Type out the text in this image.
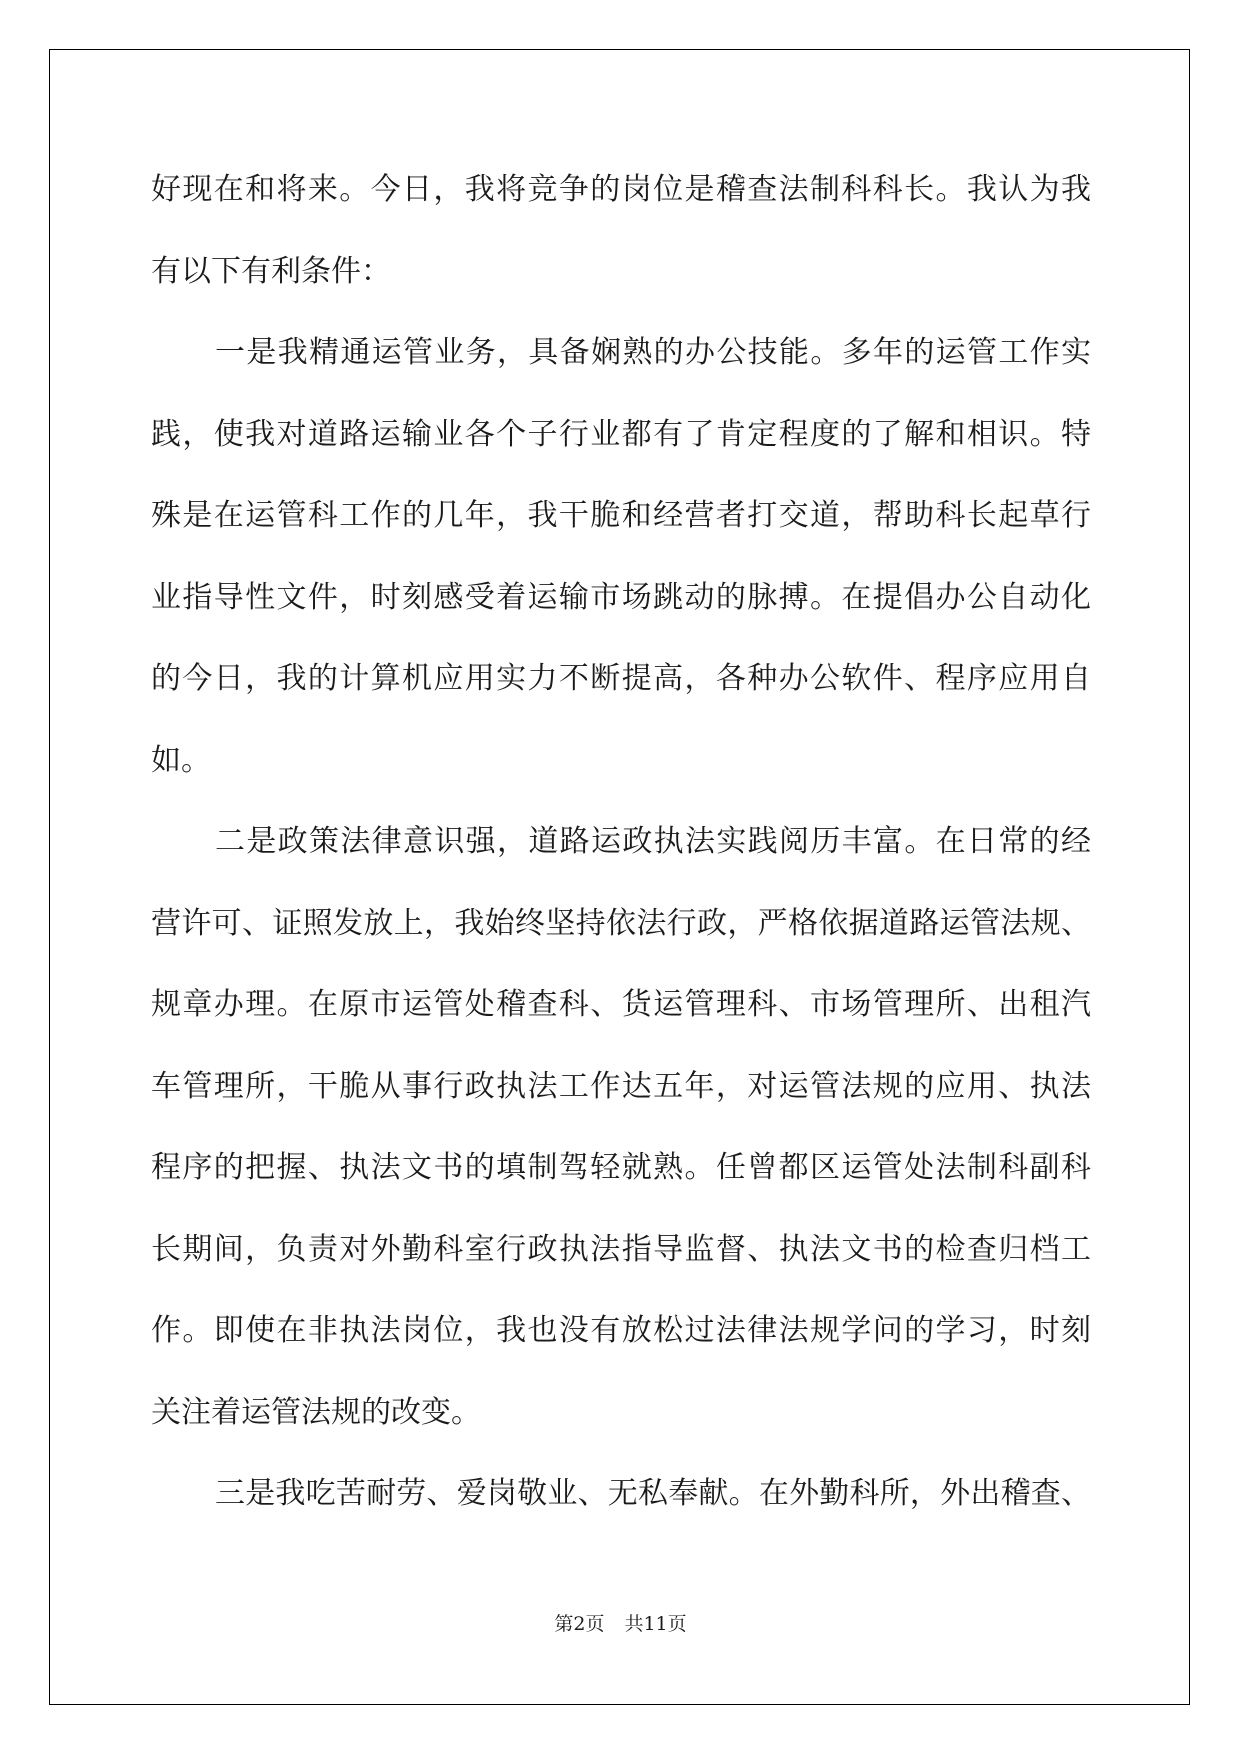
好现在和将来。今日，我将竞争的岗位是稽查法制科科长。我认为我
有以下有利条件：
一是我精通运管业务，具备娴熟的办公技能。多年的运管工作实
践，使我对道路运输业各个子行业都有了肯定程度的了解和相识。特
殊是在运管科工作的几年，我干脆和经营者打交道，帮助科长起草行
业指导性文件，时刻感受着运输市场跳动的脉搏。在提倡办公自动化
的今日，我的计算机应用实力不断提高，各种办公软件、程序应用自
如。
二是政策法律意识强，道路运政执法实践阅历丰富。在日常的经
营许可、证照发放上，我始终坚持依法行政，严格依据道路运管法规、
规章办理。在原市运管处稽查科、货运管理科、市场管理所、出租汽
车管理所，干脆从事行政执法工作达五年，对运管法规的应用、执法
程序的把握、执法文书的填制驾轻就熟。任曾都区运管处法制科副科
长期间，负责对外勤科室行政执法指导监督、执法文书的检查归档工
作。即使在非执法岗位，我也没有放松过法律法规学问的学习，时刻
关注着运管法规的改变。
三是我吃苦耐劳、爱岗敬业、无私奉献。在外勤科所，外出稽查、
第2页 共11页
